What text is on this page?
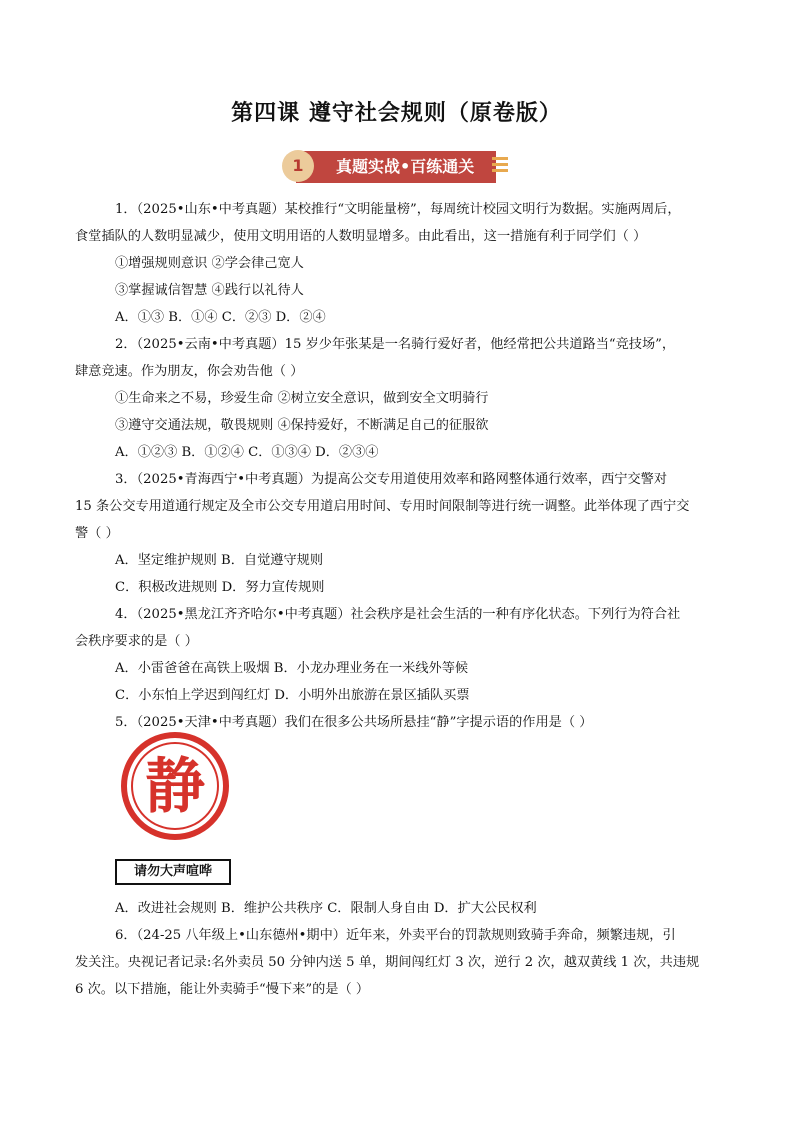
第四课 遵守社会规则（原卷版）
真题实战•百练通关
1
1．（2025•山东•中考真题）某校推行“文明能量榜”，每周统计校园文明行为数据。实施两周后，
食堂插队的人数明显减少，使用文明用语的人数明显增多。由此看出，这一措施有利于同学们（ ）
①增强规则意识 ②学会律己宽人
③掌握诚信智慧 ④践行以礼待人
A．①③ B．①④ C．②③ D．②④
2．（2025•云南•中考真题）15 岁少年张某是一名骑行爱好者，他经常把公共道路当“竞技场”，
肆意竞速。作为朋友，你会劝告他（ ）
①生命来之不易，珍爱生命 ②树立安全意识，做到安全文明骑行
③遵守交通法规，敬畏规则 ④保持爱好，不断满足自己的征服欲
A．①②③ B．①②④ C．①③④ D．②③④
3．（2025•青海西宁•中考真题）为提高公交专用道使用效率和路网整体通行效率，西宁交警对
15 条公交专用道通行规定及全市公交专用道启用时间、专用时间限制等进行统一调整。此举体现了西宁交
警（ ）
A．坚定维护规则 B．自觉遵守规则
C．积极改进规则 D．努力宣传规则
4．（2025•黑龙江齐齐哈尔•中考真题）社会秩序是社会生活的一种有序化状态。下列行为符合社
会秩序要求的是（ ）
A．小雷爸爸在高铁上吸烟 B．小龙办理业务在一米线外等候
C．小东怕上学迟到闯红灯 D．小明外出旅游在景区插队买票
5．（2025•天津•中考真题）我们在很多公共场所悬挂“静”字提示语的作用是（ ）
静
请勿大声喧哗
A．改进社会规则 B．维护公共秩序 C．限制人身自由 D．扩大公民权利
6．（24-25 八年级上•山东德州•期中）近年来，外卖平台的罚款规则致骑手奔命，频繁违规，引
发关注。央视记者记录:名外卖员 50 分钟内送 5 单，期间闯红灯 3 次，逆行 2 次，越双黄线 1 次，共违规
6 次。以下措施，能让外卖骑手“慢下来”的是（ ）
